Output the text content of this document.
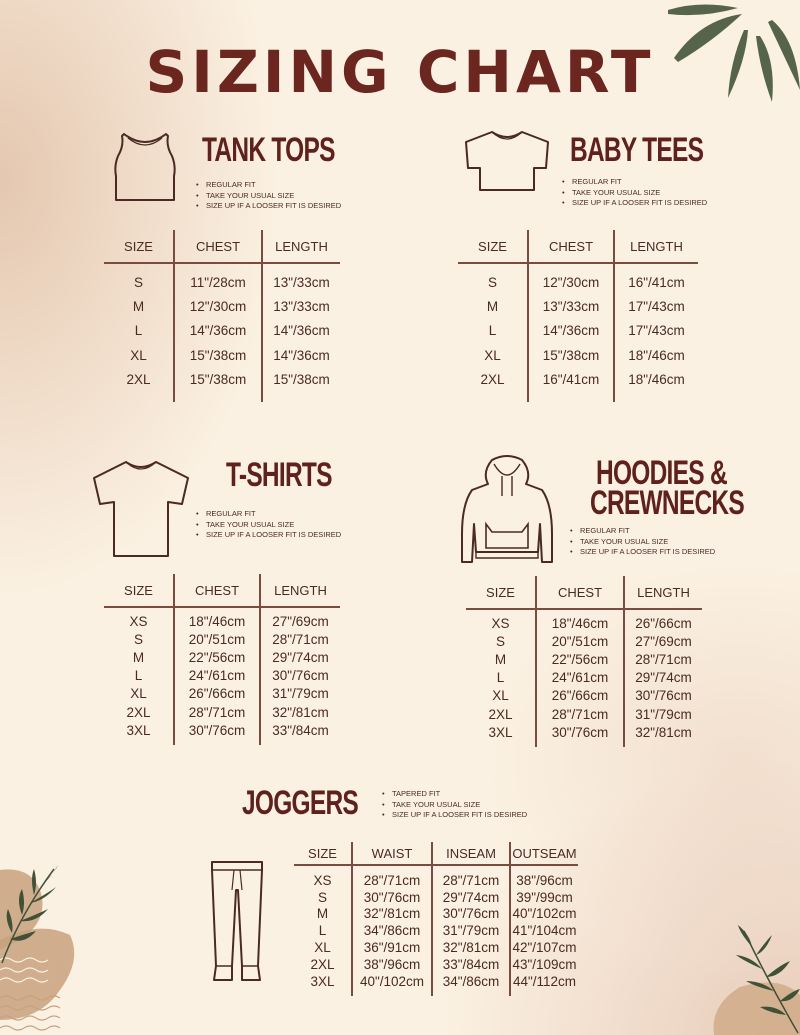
SIZING CHART
TANK TOPS
• REGULAR FIT
• TAKE YOUR USUAL SIZE
• SIZE UP IF A LOOSER FIT IS DESIRED
SIZE	CHEST	LENGTH

S	11"/28cm	13"/33cm
M	12"/30cm	13"/33cm
L	14"/36cm	14"/36cm
XL	15"/38cm	14"/36cm
2XL	15"/38cm	15"/38cm

BABY TEES
• REGULAR FIT
• TAKE YOUR USUAL SIZE
• SIZE UP IF A LOOSER FIT IS DESIRED
SIZE	CHEST	LENGTH

S	12"/30cm	16"/41cm
M	13"/33cm	17"/43cm
L	14"/36cm	17"/43cm
XL	15"/38cm	18"/46cm
2XL	16"/41cm	18"/46cm

T-SHIRTS
• REGULAR FIT
• TAKE YOUR USUAL SIZE
• SIZE UP IF A LOOSER FIT IS DESIRED
SIZE	CHEST	LENGTH

XS	18"/46cm	27"/69cm
S	20"/51cm	28"/71cm
M	22"/56cm	29"/74cm
L	24"/61cm	30"/76cm
XL	26"/66cm	31"/79cm
2XL	28"/71cm	32"/81cm
3XL	30"/76cm	33"/84cm

HOODIES &
CREWNECKS
• REGULAR FIT
• TAKE YOUR USUAL SIZE
• SIZE UP IF A LOOSER FIT IS DESIRED
SIZE	CHEST	LENGTH

XS	18"/46cm	26"/66cm
S	20"/51cm	27"/69cm
M	22"/56cm	28"/71cm
L	24"/61cm	29"/74cm
XL	26"/66cm	30"/76cm
2XL	28"/71cm	31"/79cm
3XL	30"/76cm	32"/81cm

JOGGERS	• TAPERED FIT
• TAKE YOUR USUAL SIZE
• SIZE UP IF A LOOSER FIT IS DESIRED
SIZE	WAIST	INSEAM	OUTSEAM

XS	28"/71cm	28"/71cm	38"/96cm
S	30"/76cm	29"/74cm	39"/99cm
M	32"/81cm	30"/76cm	40"/102cm
L	34"/86cm	31"/79cm	41"/104cm
XL	36"/91cm	32"/81cm	42"/107cm
2XL	38"/96cm	33"/84cm	43"/109cm
3XL	40"/102cm	34"/86cm	44"/112cm
